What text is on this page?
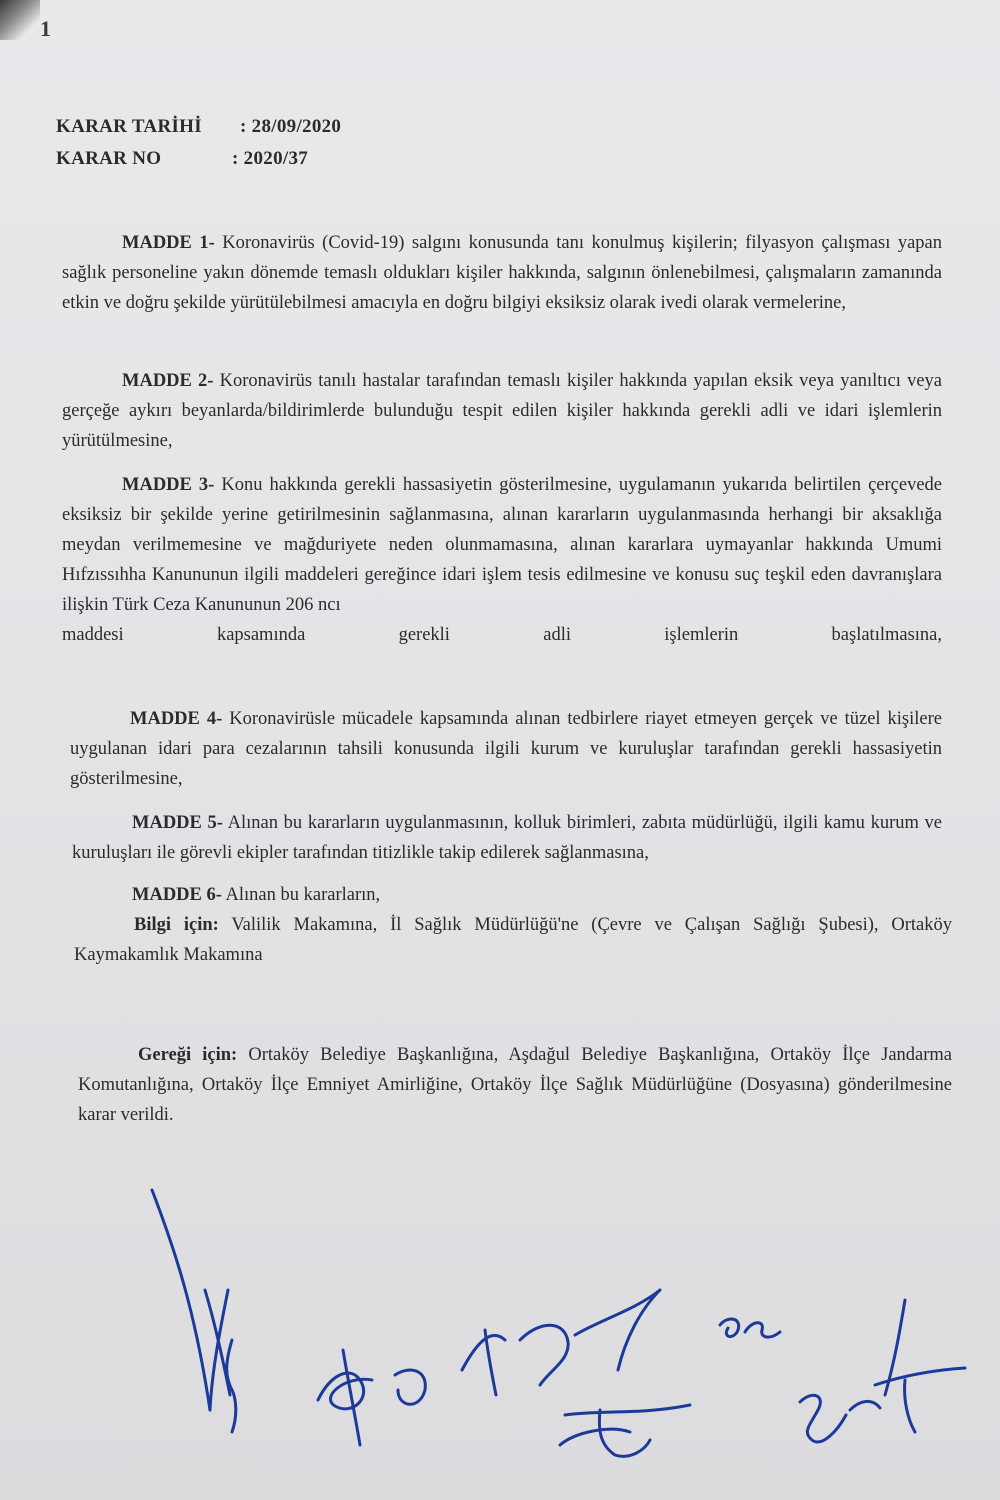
1
KARAR TARİHİ : 28/09/2020
KARAR NO	: 2020/37
MADDE 1- Koronavirüs (Covid-19) salgını konusunda tanı konulmuş kişilerin; filyasyon çalışması yapan sağlık personeline yakın dönemde temaslı oldukları kişiler hakkında, salgının önlenebilmesi, çalışmaların zamanında etkin ve doğru şekilde yürütülebilmesi amacıyla en doğru bilgiyi eksiksiz olarak ivedi olarak vermelerine,
MADDE 2- Koronavirüs tanılı hastalar tarafından temaslı kişiler hakkında yapılan eksik veya yanıltıcı veya gerçeğe aykırı beyanlarda/bildirimlerde bulunduğu tespit edilen kişiler hakkında gerekli adli ve idari işlemlerin yürütülmesine,
MADDE 3- Konu hakkında gerekli hassasiyetin gösterilmesine, uygulamanın yukarıda belirtilen çerçevede eksiksiz bir şekilde yerine getirilmesinin sağlanmasına, alınan kararların uygulanmasında herhangi bir aksaklığa meydan verilmemesine ve mağduriyete neden olunmamasına, alınan kararlara uymayanlar hakkında Umumi Hıfzıssıhha Kanununun ilgili maddeleri gereğince idari işlem tesis edilmesine ve konusu suç teşkil eden davranışlara ilişkin Türk Ceza Kanununun 206 ncı
maddesi kapsamında gerekli adli işlemlerin başlatılmasına,
MADDE 4- Koronavirüsle mücadele kapsamında alınan tedbirlere riayet etmeyen gerçek ve tüzel kişilere uygulanan idari para cezalarının tahsili konusunda ilgili kurum ve kuruluşlar tarafından gerekli hassasiyetin gösterilmesine,
MADDE 5- Alınan bu kararların uygulanmasının, kolluk birimleri, zabıta müdürlüğü, ilgili kamu kurum ve kuruluşları ile görevli ekipler tarafından titizlikle takip edilerek sağlanmasına,
MADDE 6- Alınan bu kararların,
Bilgi için: Valilik Makamına, İl Sağlık Müdürlüğü'ne (Çevre ve Çalışan Sağlığı Şubesi), Ortaköy Kaymakamlık Makamına
Gereği için: Ortaköy Belediye Başkanlığına, Aşdağul Belediye Başkanlığına, Ortaköy İlçe Jandarma Komutanlığına, Ortaköy İlçe Emniyet Amirliğine, Ortaköy İlçe Sağlık Müdürlüğüne (Dosyasına) gönderilmesine karar verildi.
